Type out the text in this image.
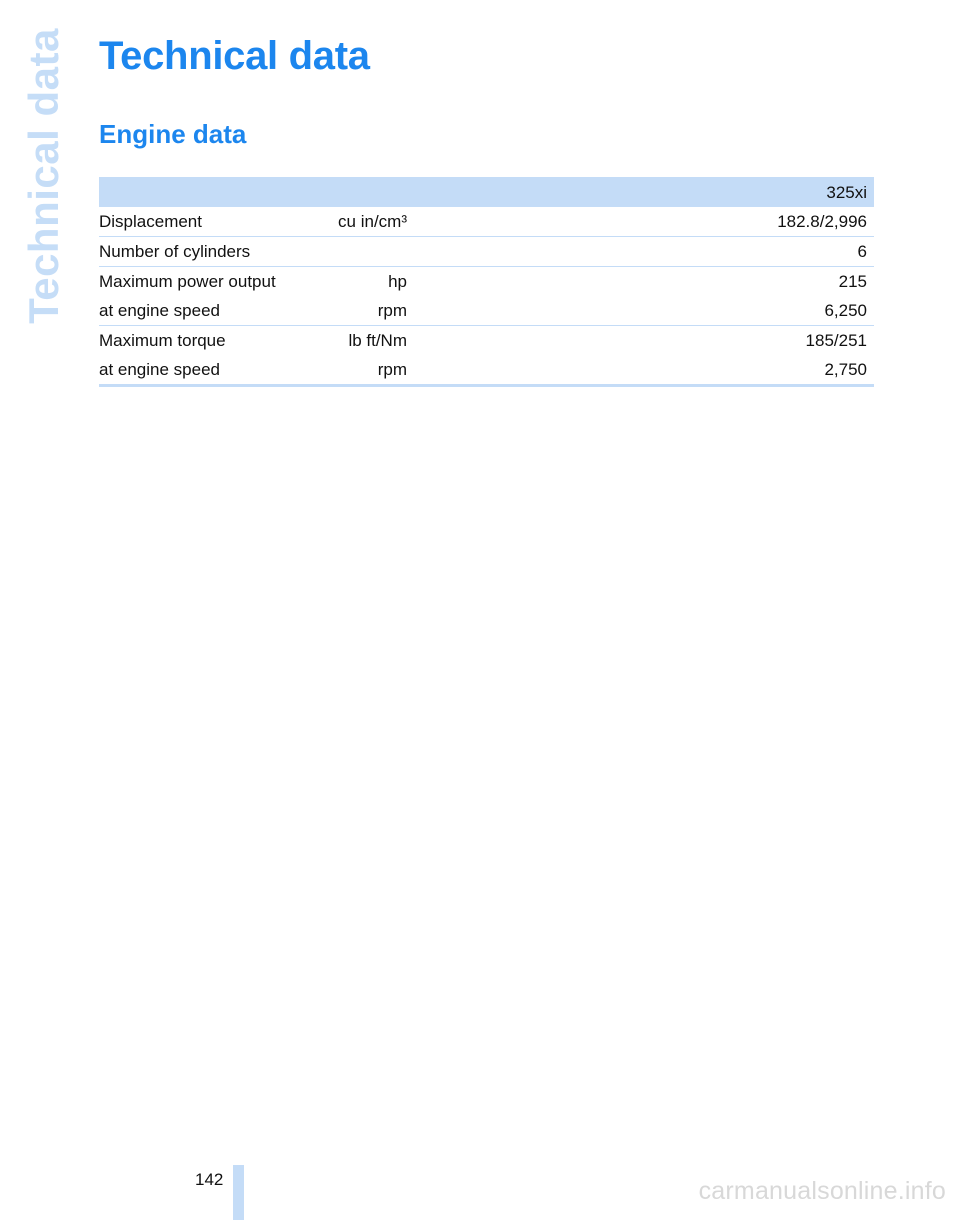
Technical data Technical data
Engine data
			325xi
Displacement	cu in/cm³		182.8/2,996
Number of cylinders			6
Maximum power output	hp		215
at engine speed	rpm		6,250
Maximum torque	lb ft/Nm		185/251
at engine speed	rpm		2,750
142	carmanualsonline.info
